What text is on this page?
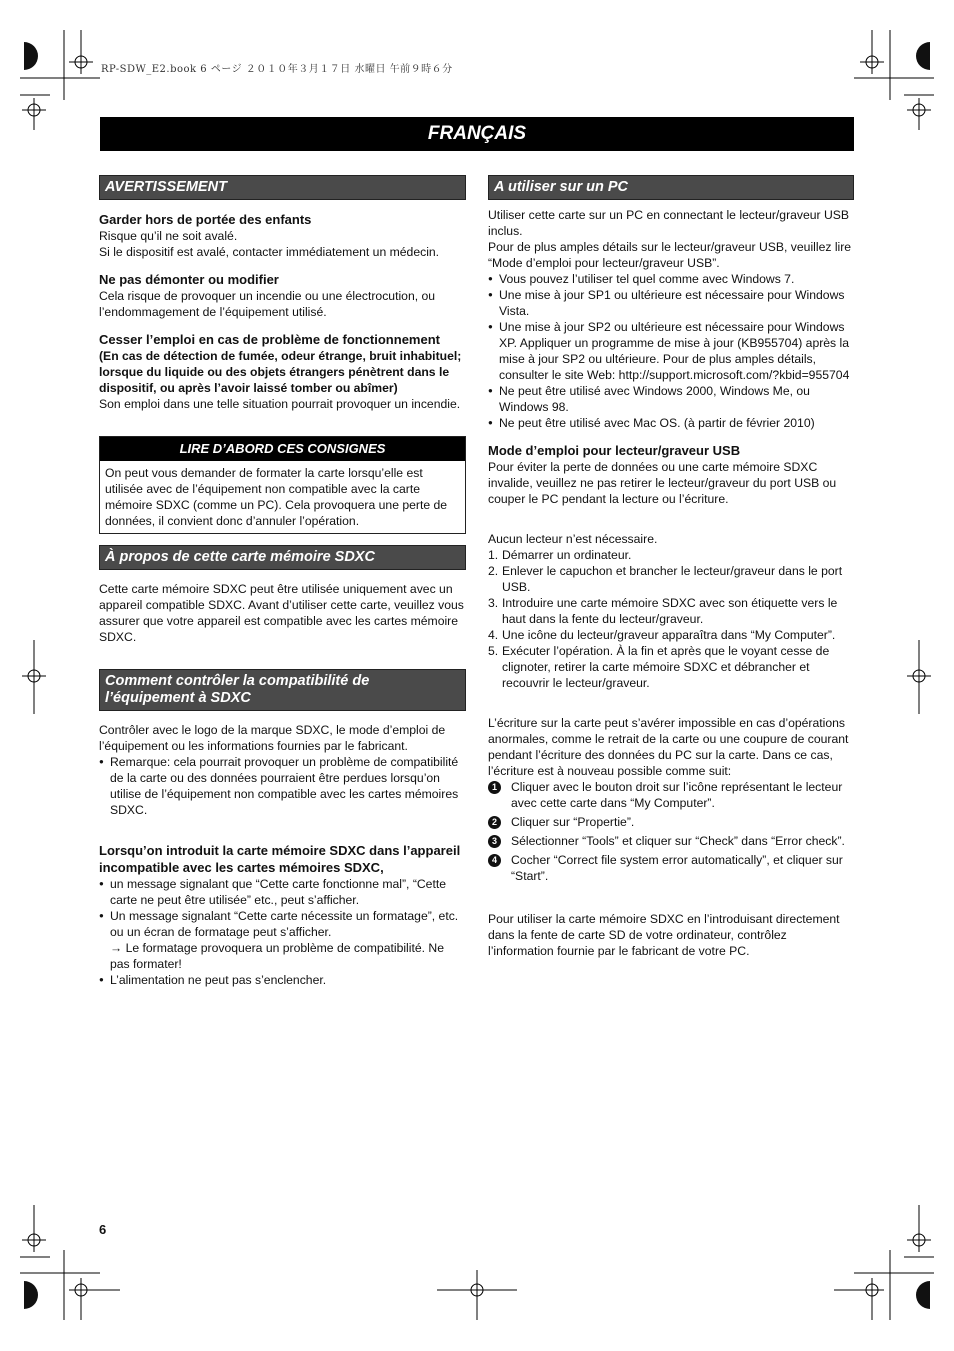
RP-SDW_E2.book 6 ページ ２０１０年３月１７日 水曜日 午前９時６分
FRANÇAIS
AVERTISSEMENT
Garder hors de portée des enfants

Risque qu’il ne soit avalé.

Si le dispositif est avalé, contacter immédiatement un médecin.

Ne pas démonter ou modifier

Cela risque de provoquer un incendie ou une électrocution, ou l’endommagement de l’équipement utilisé.

Cesser l’emploi en cas de problème de fonctionnement

(En cas de détection de fumée, odeur étrange, bruit inhabituel; lorsque du liquide ou des objets étrangers pénètrent dans le dispositif, ou après l’avoir laissé tomber ou abîmer)

Son emploi dans une telle situation pourrait provoquer un incendie.

LIRE D’ABORD CES CONSIGNES
On peut vous demander de formater la carte lorsqu’elle est utilisée avec de l’équipement non compatible avec la carte mémoire SDXC (comme un PC). Cela provoquera une perte de données, il convient donc d’annuler l’opération.
À propos de cette carte mémoire SDXC

Cette carte mémoire SDXC peut être utilisée uniquement avec un appareil compatible SDXC. Avant d’utiliser cette carte, veuillez vous assurer que votre appareil est compatible avec les cartes mémoire SDXC.

Comment contrôler la compatibilité de l’équipement à SDXC

Contrôler avec le logo de la marque SDXC, le mode d’emploi de l’équipement ou les informations fournies par le fabricant.

● Remarque: cela pourrait provoquer un problème de compatibilité de la carte ou des données pourraient être perdues lorsqu’on utilise de l’équipement non compatible avec les cartes mémoires SDXC.
Lorsqu’on introduit la carte mémoire SDXC dans l’appareil incompatible avec les cartes mémoires SDXC,
● un message signalant que “Cette carte fonctionne mal”, “Cette carte ne peut être utilisée” etc., peut s’afficher.
● Un message signalant “Cette carte nécessite un formatage”, etc. ou un écran de formatage peut s’afficher.

→ Le formatage provoquera un problème de compatibilité. Ne pas formater!

● L’alimentation ne peut pas s’enclencher.
A utiliser sur un PC

Utiliser cette carte sur un PC en connectant le lecteur/graveur USB inclus.

Pour de plus amples détails sur le lecteur/graveur USB, veuillez lire “Mode d’emploi pour lecteur/graveur USB”.

● Vous pouvez l’utiliser tel quel comme avec Windows 7.
● Une mise à jour SP1 ou ultérieure est nécessaire pour Windows Vista.
● Une mise à jour SP2 ou ultérieure est nécessaire pour Windows XP. Appliquer un programme de mise à jour (KB955704) après la mise à jour SP2 ou ultérieure. Pour de plus amples détails, consulter le site Web: http://support.microsoft.com/?kbid=955704
● Ne peut être utilisé avec Windows 2000, Windows Me, ou Windows 98.
● Ne peut être utilisé avec Mac OS. (à partir de février 2010)
Mode d’emploi pour lecteur/graveur USB

Pour éviter la perte de données ou une carte mémoire SDXC invalide, veuillez ne pas retirer le lecteur/graveur du port USB ou couper le PC pendant la lecture ou l’écriture.

Aucun lecteur n’est nécessaire.

1. Démarrer un ordinateur.
2. Enlever le capuchon et brancher le lecteur/graveur dans le port USB.
3. Introduire une carte mémoire SDXC avec son étiquette vers le haut dans la fente du lecteur/graveur.
4. Une icône du lecteur/graveur apparaîtra dans “My Computer”.
5. Exécuter l’opération. À la fin et après que le voyant cesse de clignoter, retirer la carte mémoire SDXC et débrancher et recouvrir le lecteur/graveur.

L’écriture sur la carte peut s’avérer impossible en cas d’opérations anormales, comme le retrait de la carte ou une coupure de courant pendant l’écriture des données du PC sur la carte. Dans ce cas, l’écriture est à nouveau possible comme suit:

1	Cliquer avec le bouton droit sur l’icône représentant le lecteur avec cette carte dans “My Computer”.
2	Cliquer sur “Propertie”.
3	Sélectionner “Tools” et cliquer sur “Check” dans “Error check”.
4	Cocher “Correct file system error automatically”, et cliquer sur “Start”.

Pour utiliser la carte mémoire SDXC en l’introduisant directement dans la fente de carte SD de votre ordinateur, contrôlez l’information fournie par le fabricant de votre PC.

6
